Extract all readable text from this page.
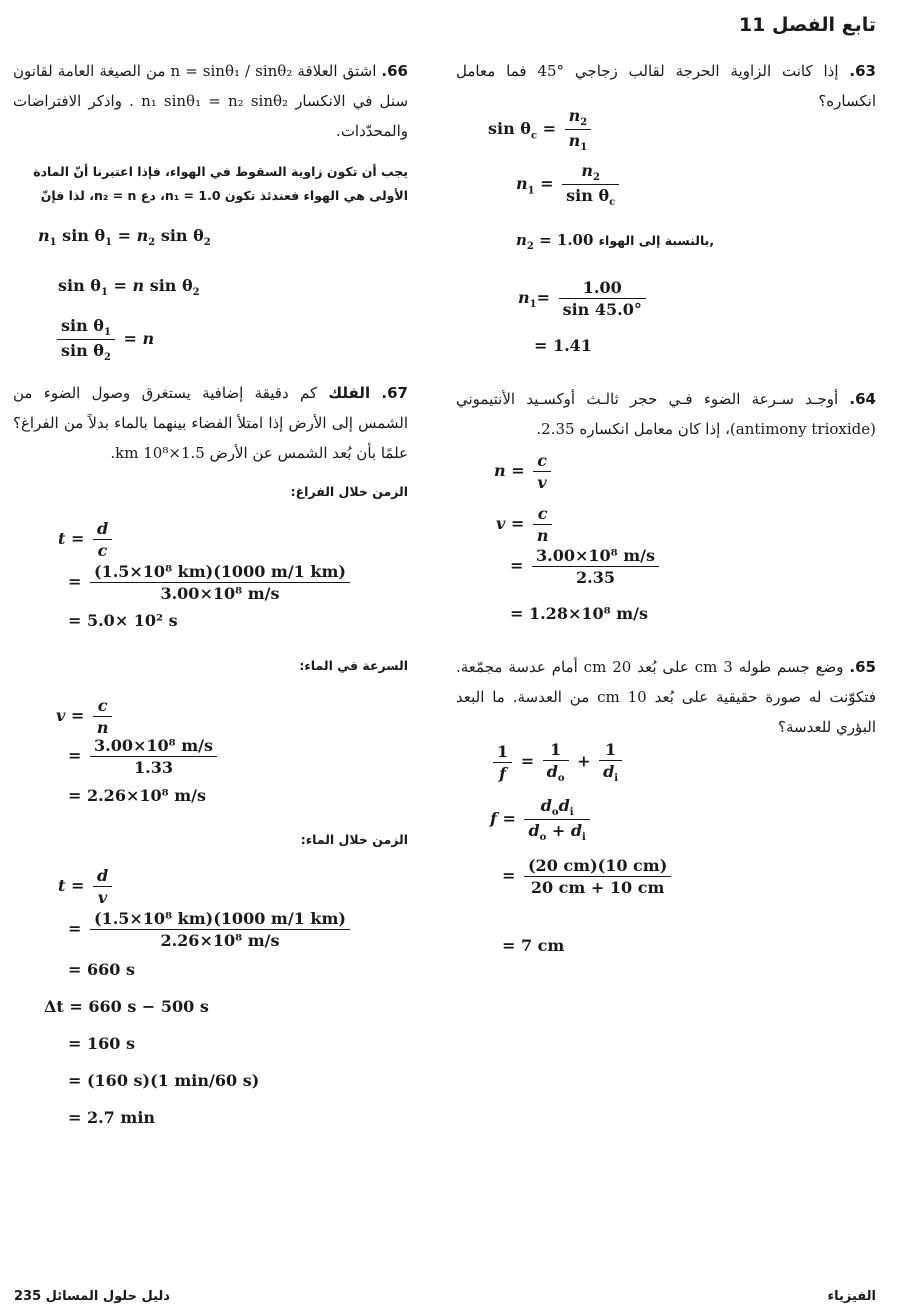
تابع الفصل 11
63. إذا كانت الزاوية الحرجة لقالب زجاجي °45 فما معامل انكساره؟
$\sin \theta_c = \frac{n_2}{n_1}$
$n_1 = \frac{n_2}{\sin \theta_c}$
$n_2 = 1.00$ بالنسبة إلى الهواء,
$n_1= \frac{1.00}{\sin 45.0^\circ}$
= 1.41
64. أوجـد سـرعة الضوء فـي حجر ثالـث أوكسـيد الأنتيموني (antimony trioxide)، إذا كان معامل انكساره 2.35.
$n = \frac{c}{v}$
$v = \frac{c}{n}$
= $\frac{\text{3.00×10⁸ m/s}}{2.35}$
= 1.28×10⁸ m/s
65. وضع جسم طوله 3 cm على بُعد 20 cm أمام عدسة مجمّعة. فتكوّنت له صورة حقيقية على بُعد 10 cm من العدسة. ما البعد البؤري للعدسة؟
$\frac{1}{f} = \frac{1}{d_o} + \frac{1}{d_i}$
$f = \frac{d_od_i}{d_o + d_i}$
= $\frac{(20 cm)(10 cm)}{20 cm + 10 cm}$
= 7 cm
66. اشتق العلاقة n = sinθ₁ / sinθ₂ من الصيغة العامة لقانون سنل في الانكسار n₁ sinθ₁ = n₂ sinθ₂ . واذكر الافتراضات والمحدّدات.
يجب أن تكون زاوية السقوط في الهواء، فإذا اعتبرنا أنّ المادة الأولى هي الهواء فعندئذ تكون n₁ = 1.0، دع n₂ = n، لذا فإنّ
$n_1$ $\sin \theta_1 = n_2$ $\sin \theta_2$
$\sin \theta_1 = n$ $\sin \theta_2$
$\frac{\sin \theta_1}{\sin \theta_2} = n$
67. الفلك كم دقيقة إضافية يستغرق وصول الضوء من الشمس إلى الأرض إذا امتلأ الفضاء بينهما بالماء بدلاً من الفراغ؟ علمًا بأن بُعد الشمس عن الأرض 1.5×10⁸ km.
الزمن خلال الفراغ:
$t = \frac{d}{c}$
= $\frac{\text{(1.5×10⁸ km)(1000 m/1 km)}}{\text{3.00×10⁸ m/s}}$
= 5.0× 10² s
السرعة في الماء:
$v = \frac{c}{n}$
= $\frac{\text{3.00×10⁸ m/s}}{1.33}$
= 2.26×10⁸ m/s
الزمن خلال الماء:
$t = \frac{d}{v}$
= $\frac{\text{(1.5×10⁸ km)(1000 m/1 km)}}{\text{2.26×10⁸ m/s}}$
= 660 s
Δt = 660 s − 500 s
= 160 s
= (160 s)(1 min/60 s)
= 2.7 min
دليل حلول المسائل 235	الفيزياء
